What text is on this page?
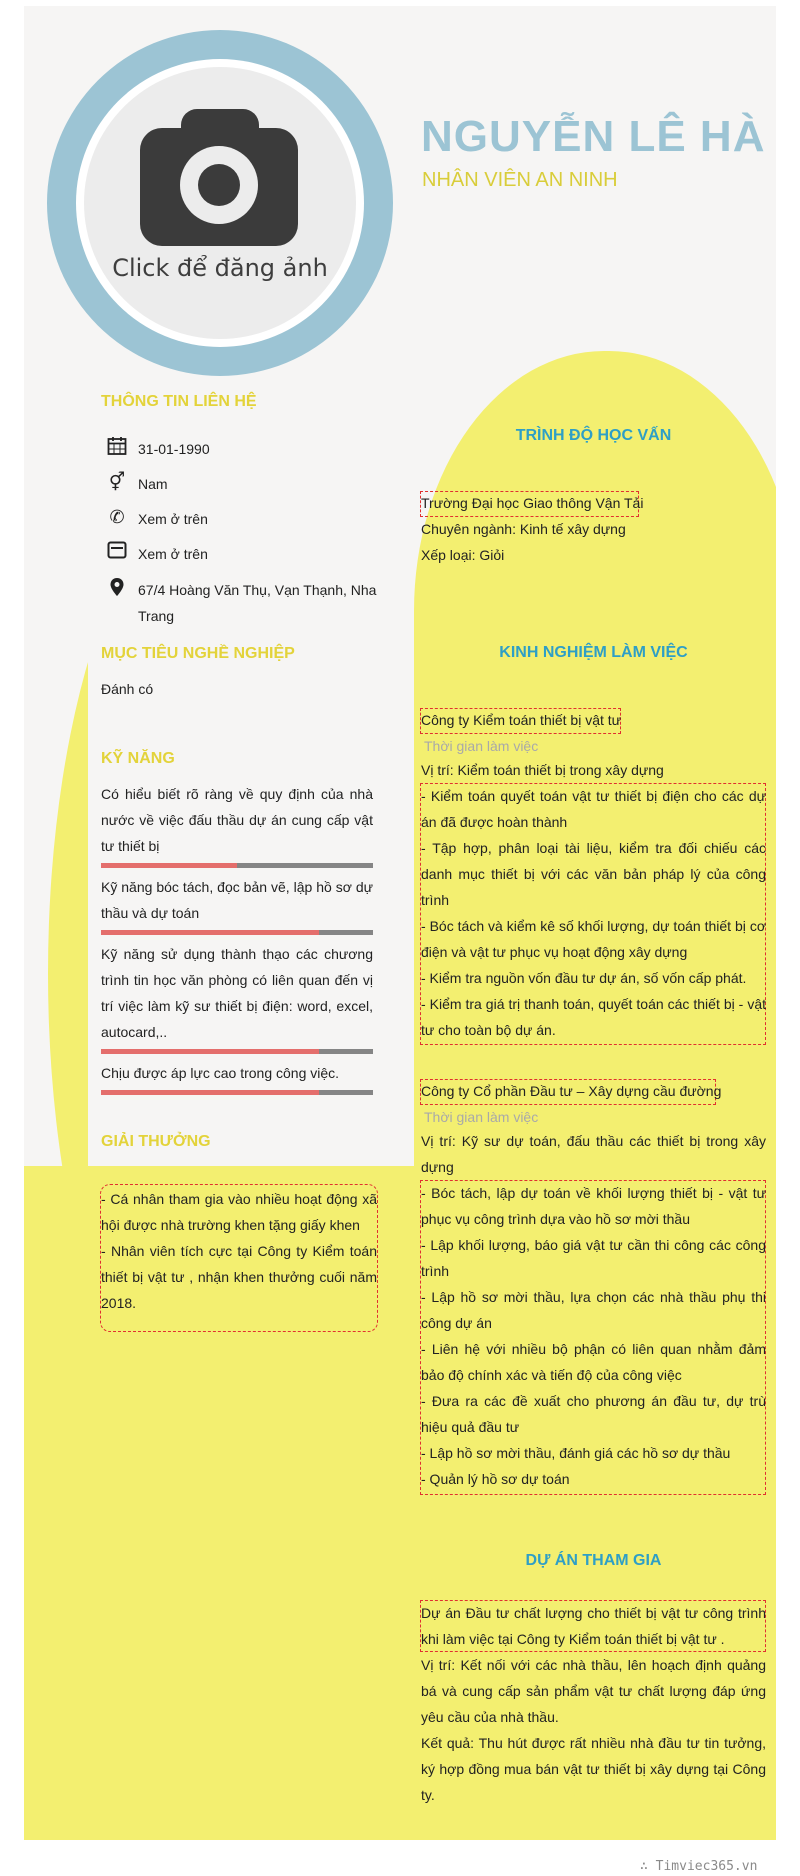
Click để đăng ảnh
NGUYỄN LÊ HÀ
NHÂN VIÊN AN NINH
THÔNG TIN LIÊN HỆ
31-01-1990
⚥ Nam
✆ Xem ở trên
Xem ở trên
67/4 Hoàng Văn Thụ, Vạn Thạnh, Nha Trang
MỤC TIÊU NGHỀ NGHIỆP
Đánh có
KỸ NĂNG
Có hiểu biết rõ ràng về quy định của nhà nước về việc đấu thầu dự án cung cấp vật tư thiết bị
Kỹ năng bóc tách, đọc bản vẽ, lập hồ sơ dự thầu và dự toán
Kỹ năng sử dụng thành thạo các chương trình tin học văn phòng có liên quan đến vị trí việc làm kỹ sư thiết bị điện: word, excel, autocard,..
Chịu được áp lực cao trong công việc.
GIẢI THƯỞNG
- Cá nhân tham gia vào nhiều hoạt động xã hội được nhà trường khen tặng giấy khen
- Nhân viên tích cực tại Công ty Kiểm toán thiết bị vật tư , nhận khen thưởng cuối năm 2018.
TRÌNH ĐỘ HỌC VẤN
Trường Đại học Giao thông Vận Tải
Chuyên ngành: Kinh tế xây dựng
Xếp loại: Giỏi
KINH NGHIỆM LÀM VIỆC
Công ty Kiểm toán thiết bị vật tư
Thời gian làm việc
Vị trí: Kiểm toán thiết bị trong xây dựng
- Kiểm toán quyết toán vật tư thiết bị điện cho các dự án đã được hoàn thành
- Tập hợp, phân loại tài liệu, kiểm tra đối chiếu các danh mục thiết bị với các văn bản pháp lý của công trình
- Bóc tách và kiểm kê số khối lượng, dự toán thiết bị cơ điện và vật tư phục vụ hoạt động xây dựng
- Kiểm tra nguồn vốn đầu tư dự án, số vốn cấp phát.
- Kiểm tra giá trị thanh toán, quyết toán các thiết bị - vật tư cho toàn bộ dự án.
Công ty Cổ phần Đầu tư – Xây dựng cầu đường
Thời gian làm việc
Vị trí: Kỹ sư dự toán, đấu thầu các thiết bị trong xây dựng
- Bóc tách, lập dự toán về khối lượng thiết bị - vật tư phục vụ công trình dựa vào hồ sơ mời thầu
- Lập khối lượng, báo giá vật tư cần thi công các công trình
- Lập hồ sơ mời thầu, lựa chọn các nhà thầu phụ thi công dự án
- Liên hệ với nhiều bộ phận có liên quan nhằm đảm bảo độ chính xác và tiến độ của công việc
- Đưa ra các đề xuất cho phương án đầu tư, dự trù hiệu quả đầu tư
- Lập hồ sơ mời thầu, đánh giá các hồ sơ dự thầu
- Quản lý hồ sơ dự toán
DỰ ÁN THAM GIA
Dự án Đầu tư chất lượng cho thiết bị vật tư công trình khi làm việc tại Công ty Kiểm toán thiết bị vật tư .
Vị trí: Kết nối với các nhà thầu, lên hoạch định quảng bá và cung cấp sản phẩm vật tư chất lượng đáp ứng yêu cầu của nhà thầu.
Kết quả: Thu hút được rất nhiều nhà đầu tư tin tưởng, ký hợp đồng mua bán vật tư thiết bị xây dựng tại Công ty.
∴ Timviec365.vn
